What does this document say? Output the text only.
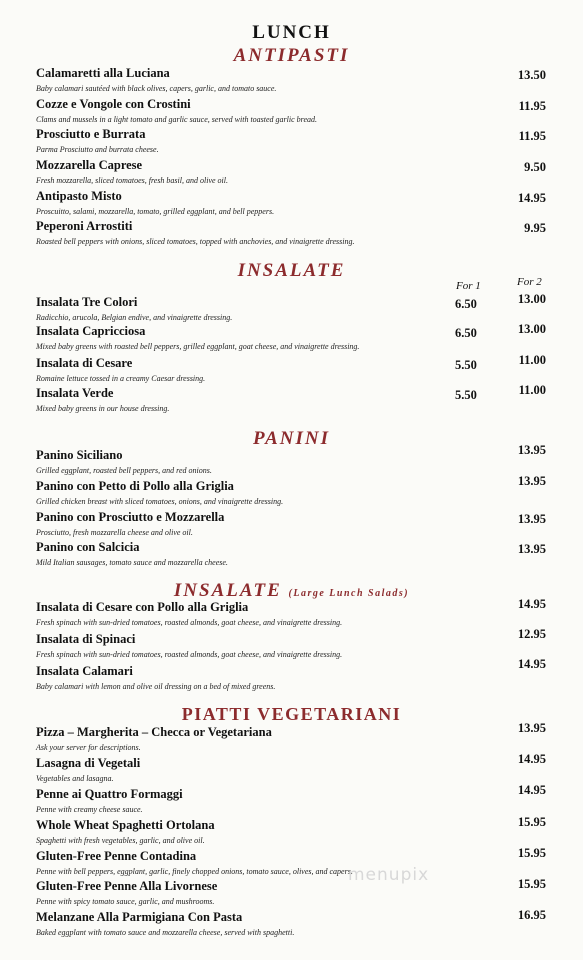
LUNCH
ANTIPASTI
Calamaretti alla Luciana
Baby calamari sautéed with black olives, capers, garlic, and tomato sauce.
13.50
Cozze e Vongole con Crostini
Clams and mussels in a light tomato and garlic sauce, served with toasted garlic bread.
11.95
Prosciutto e Burrata
Parma Prosciutto and burrata cheese.
11.95
Mozzarella Caprese
Fresh mozzarella, sliced tomatoes, fresh basil, and olive oil.
9.50
Antipasto Misto
Proscuitto, salami, mozzarella, tomato, grilled eggplant, and bell peppers.
14.95
Peperoni Arrostiti
Roasted bell peppers with onions, sliced tomatoes, topped with anchovies, and vinaigrette dressing.
9.95
INSALATE
For 1	For 2
Insalata Tre Colori
Radicchio, arucola, Belgian endive, and vinaigrette dressing.
6.50	13.00
Insalata Capricciosa
Mixed baby greens with roasted bell peppers, grilled eggplant, goat cheese, and vinaigrette dressing.
6.50	13.00
Insalata di Cesare
Romaine lettuce tossed in a creamy Caesar dressing.
5.50	11.00
Insalata Verde
Mixed baby greens in our house dressing.
5.50	11.00
PANINI
Panino Siciliano
Grilled eggplant, roasted bell peppers, and red onions.
13.95
Panino con Petto di Pollo alla Griglia
Grilled chicken breast with sliced tomatoes, onions, and vinaigrette dressing.
13.95
Panino con Prosciutto e Mozzarella
Prosciutto, fresh mozzarella cheese and olive oil.
13.95
Panino con Salcicia
Mild Italian sausages, tomato sauce and mozzarella cheese.
13.95
INSALATE (Large Lunch Salads)
Insalata di Cesare con Pollo alla Griglia
Fresh spinach with sun-dried tomatoes, roasted almonds, goat cheese, and vinaigrette dressing.
14.95
Insalata di Spinaci
Fresh spinach with sun-dried tomatoes, roasted almonds, goat cheese, and vinaigrette dressing.
12.95
Insalata Calamari
Baby calamari with lemon and olive oil dressing on a bed of mixed greens.
14.95
PIATTI VEGETARIANI
Pizza – Margherita – Checca or Vegetariana
Ask your server for descriptions.
13.95
Lasagna di Vegetali
Vegetables and lasagna.
14.95
Penne ai Quattro Formaggi
Penne with creamy cheese sauce.
14.95
Whole Wheat Spaghetti Ortolana
Spaghetti with fresh vegetables, garlic, and olive oil.
15.95
Gluten-Free Penne Contadina
Penne with bell peppers, eggplant, garlic, finely chopped onions, tomato sauce, olives, and capers.
15.95
Gluten-Free Penne Alla Livornese
Penne with spicy tomato sauce, garlic, and mushrooms.
15.95
Melanzane Alla Parmigiana Con Pasta
Baked eggplant with tomato sauce and mozzarella cheese, served with spaghetti.
16.95
menupix
